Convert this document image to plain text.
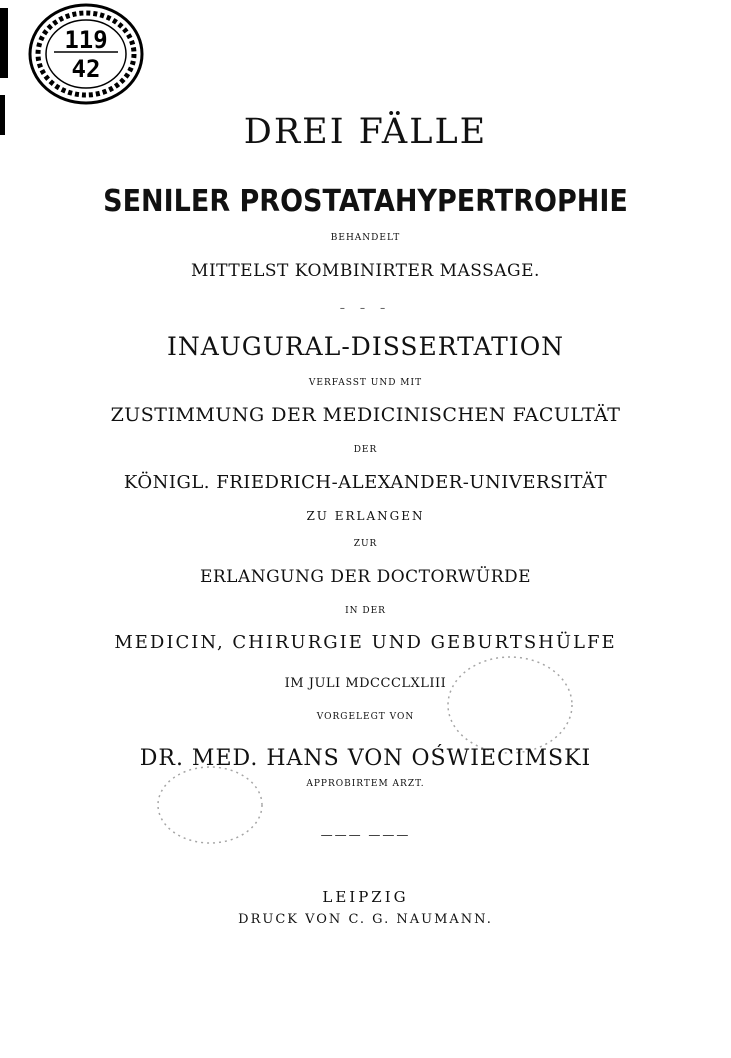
119
42
DREI FÄLLE
SENILER PROSTATAHYPERTROPHIE
BEHANDELT
MITTELST KOMBINIRTER MASSAGE.
– – –
INAUGURAL-DISSERTATION
VERFASST UND MIT
ZUSTIMMUNG DER MEDICINISCHEN FACULTÄT
DER
KÖNIGL. FRIEDRICH-ALEXANDER-UNIVERSITÄT
ZU ERLANGEN
ZUR
ERLANGUNG DER DOCTORWÜRDE
IN DER
MEDICIN, CHIRURGIE UND GEBURTSHÜLFE
IM JULI MDCCCLXLIII
VORGELEGT VON
DR. MED. HANS VON OŚWIECIMSKI
APPROBIRTEM ARZT.
——— ———
LEIPZIG
DRUCK VON C. G. NAUMANN.
